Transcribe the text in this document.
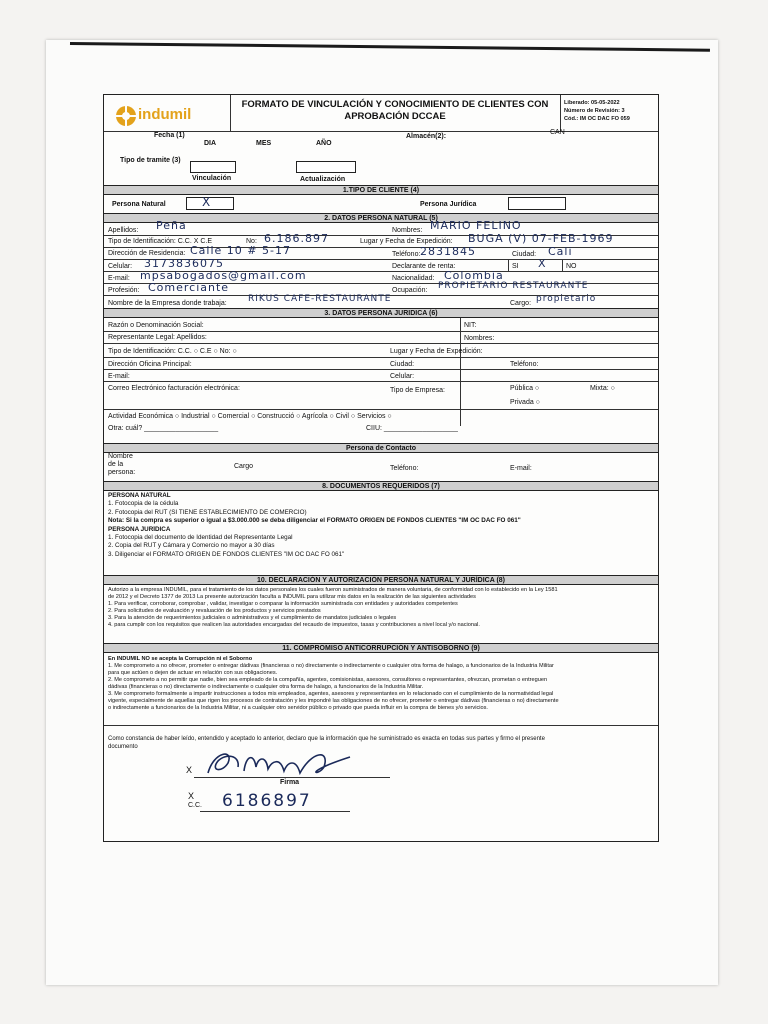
indumil
FORMATO DE VINCULACIÓN Y CONOCIMIENTO DE CLIENTES CON
APROBACIÓN DCCAE
Liberado: 05-05-2022
Número de Revisión: 3
Cód.: IM OC DAC FO 059
Fecha (1)
DIA	MES	AÑO
Almacén(2):
CAN
Tipo de tramite (3)
Vinculación	Actualización
1.TIPO DE CLIENTE (4)
Persona Natural	X	Persona Jurídica
2. DATOS PERSONA NATURAL (5)
Apellidos: Peña	Nombres: MARIO FELINO
Tipo de Identificación: C.C. X C.E	No: 6.186.897	Lugar y Fecha de Expedición: BUGA (V) 07-FEB-1969
Dirección de Residencia: Calle 10 # 5-17	Teléfono: 2831845	Ciudad: Cali
Celular: 3173836075	Declarante de renta:	SI X	NO
E-mail: mpsabogados@gmail.com	Nacionalidad: Colombia
Profesión: Comerciante	Ocupación: PROPIETARIO RESTAURANTE
Nombre de la Empresa donde trabaja: RIKUS CAFE-RESTAURANTE	Cargo: propietario
3. DATOS PERSONA JURIDICA (6)
Razón o Denominación Social:	NIT:
Representante Legal: Apellidos:	Nombres:
Tipo de Identificación: C.C. ○ C.E ○ No: ○	Lugar y Fecha de Expedición:
Dirección Oficina Principal:	Ciudad:	Teléfono:
E-mail:	Celular:
Correo Electrónico facturación electrónica:	Tipo de Empresa:	Pública ○	Mixta: ○
Privada ○
Actividad Económica ○ Industrial ○ Comercial ○ Construcció ○ Agrícola ○ Civil ○ Servicios ○
Otra: cuál? ___________________	CIIU: ___________________
Persona de Contacto
Nombre
de la
persona:
Cargo	Teléfono:	E-mail:
8. DOCUMENTOS REQUERIDOS (7)
PERSONA NATURAL
1. Fotocopia de la cédula
2. Fotocopia del RUT (SI TIENE ESTABLECIMIENTO DE COMERCIO)
Nota: Si la compra es superior o igual a $3.000.000 se deba diligenciar el FORMATO ORIGEN DE FONDOS CLIENTES "IM OC DAC FO 061"
PERSONA JURÍDICA
1. Fotocopia del documento de Identidad del Representante Legal
2. Copia del RUT y Cámara y Comercio no mayor a 30 días
3. Diligenciar el FORMATO ORIGEN DE FONDOS CLIENTES "IM OC DAC FO 061"
10. DECLARACIÓN Y AUTORIZACIÓN PERSONA NATURAL Y JURÍDICA (8)
Autorizo a la empresa INDUMIL, para el tratamiento de los datos personales los cuales fueron suministrados de manera voluntaria, de conformidad con lo establecido en la Ley 1581
de 2012 y el Decreto 1377 de 2013 La presente autorización faculta a INDUMIL para utilizar mis datos en la realización de las siguientes actividades
1. Para verificar, corroborar, comprobar , validar, investigar o comparar la información suministrada con entidades y autoridades competentes
2. Para solicitudes de evaluación y revaluación de los productos y servicios prestados
3. Para la atención de requerimientos judiciales o administrativos y el cumplimiento de mandatos judiciales o legales
4. para cumplir con los requisitos que realicen las autoridades encargadas del recaudo de impuestos, tasas y contribuciones a nivel local y/o nacional.
11. COMPROMISO ANTICORRUPCIÓN Y ANTISOBORNO (9)
En INDUMIL NO se acepta la Corrupción ni el Soborno
1. Me comprometo a no ofrecer, prometer o entregar dádivas (financieras o no) directamente o indirectamente o cualquier otra forma de halago, a funcionarios de la Industria Militar
para que actúen o dejen de actuar en relación con sus obligaciones.
2. Me comprometo a no permitir que nadie, bien sea empleado de la compañía, agentes, comisionistas, asesores, consultores o representantes, ofrezcan, prometan o entreguen
dádivas (financieras o no) directamente o indirectamente o cualquier otra forma de halago, a funcionarios de la Industria Militar.
3. Me comprometo formalmente a impartir instrucciones a todos mis empleados, agentes, asesores y representantes en lo relacionado con el cumplimiento de la normatividad legal
vigente, especialmente de aquellas que rigen los procesos de contratación y les impondré las obligaciones de no ofrecer, prometer o entregar dádivas (financieras o no) directamente
o indirectamente a funcionarios de la Industria Militar, ni a cualquier otro servidor público o privado que pueda influir en la compra de bienes y/o servicios.
Como constancia de haber leído, entendido y aceptado lo anterior, declaro que la información que he suministrado es exacta en todas sus partes y firmo el presente
documento
X
Firma
X
C.C. 6186897
